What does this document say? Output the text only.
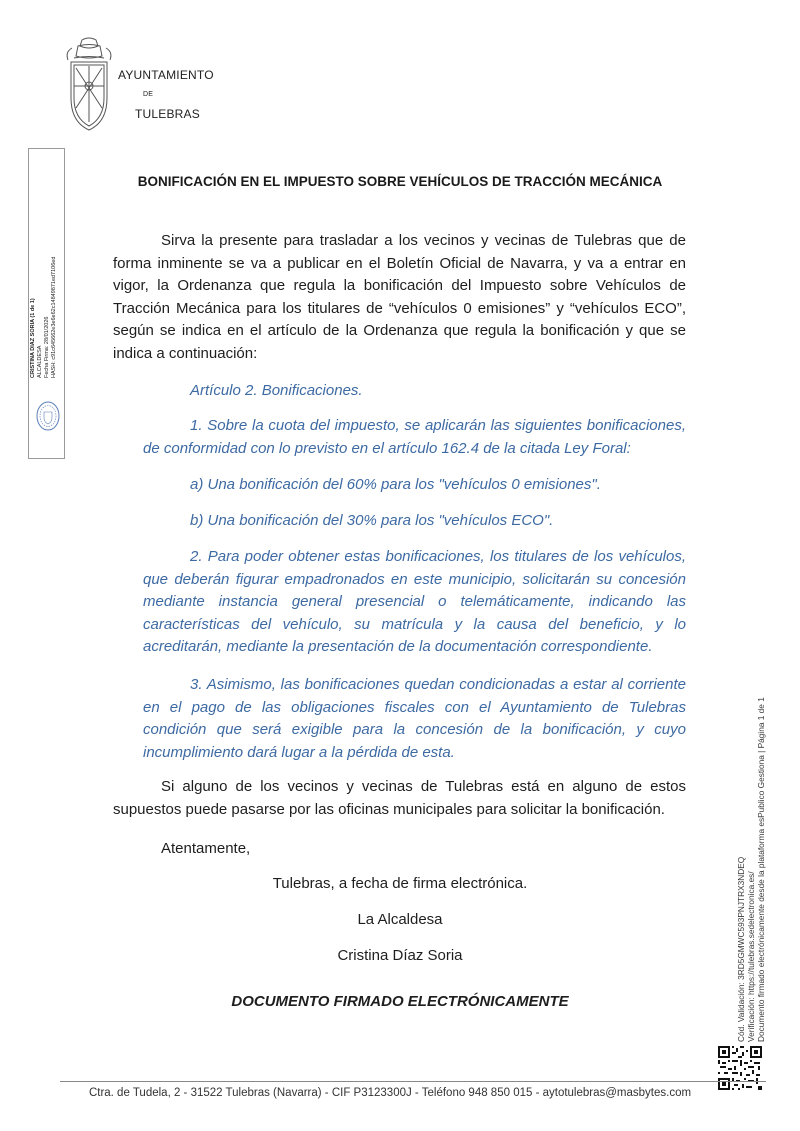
AYUNTAMIENTO
DE
TULEBRAS
CRISTINA DIAZ SORIA (1 de 1) ALCALDESA Fecha Firma: 28/01/2026 HASH: c91c645662e3e6e62c14849871ed7106ed
BONIFICACIÓN EN EL IMPUESTO SOBRE VEHÍCULOS DE TRACCIÓN MECÁNICA
Sirva la presente para trasladar a los vecinos y vecinas de Tulebras que de forma inminente se va a publicar en el Boletín Oficial de Navarra, y va a entrar en vigor, la Ordenanza que regula la bonificación del Impuesto sobre Vehículos de Tracción Mecánica para los titulares de “vehículos 0 emisiones” y “vehículos ECO”, según se indica en el artículo de la Ordenanza que regula la bonificación y que se indica a continuación:
Artículo 2. Bonificaciones.
1. Sobre la cuota del impuesto, se aplicarán las siguientes bonificaciones, de conformidad con lo previsto en el artículo 162.4 de la citada Ley Foral:
a) Una bonificación del 60% para los "vehículos 0 emisiones".
b) Una bonificación del 30% para los "vehículos ECO".
2. Para poder obtener estas bonificaciones, los titulares de los vehículos, que deberán figurar empadronados en este municipio, solicitarán su concesión mediante instancia general presencial o telemáticamente, indicando las características del vehículo, su matrícula y la causa del beneficio, y lo acreditarán, mediante la presentación de la documentación correspondiente.
3. Asimismo, las bonificaciones quedan condicionadas a estar al corriente en el pago de las obligaciones fiscales con el Ayuntamiento de Tulebras condición que será exigible para la concesión de la bonificación, y cuyo incumplimiento dará lugar a la pérdida de esta.
Si alguno de los vecinos y vecinas de Tulebras está en alguno de estos supuestos puede pasarse por las oficinas municipales para solicitar la bonificación.
Atentamente,
Tulebras, a fecha de firma electrónica.
La Alcaldesa
Cristina Díaz Soria
DOCUMENTO FIRMADO ELECTRÓNICAMENTE	Cód. Validación: 3RD5GMWC593PNJTRX3NDEQ Verificación: https://tulebras.sedelectronica.es/ Documento firmado electrónicamente desde la plataforma esPublico Gestiona | Página 1 de 1
Ctra. de Tudela, 2 - 31522 Tulebras (Navarra) - CIF P3123300J - Teléfono 948 850 015 - aytotulebras@masbytes.com
